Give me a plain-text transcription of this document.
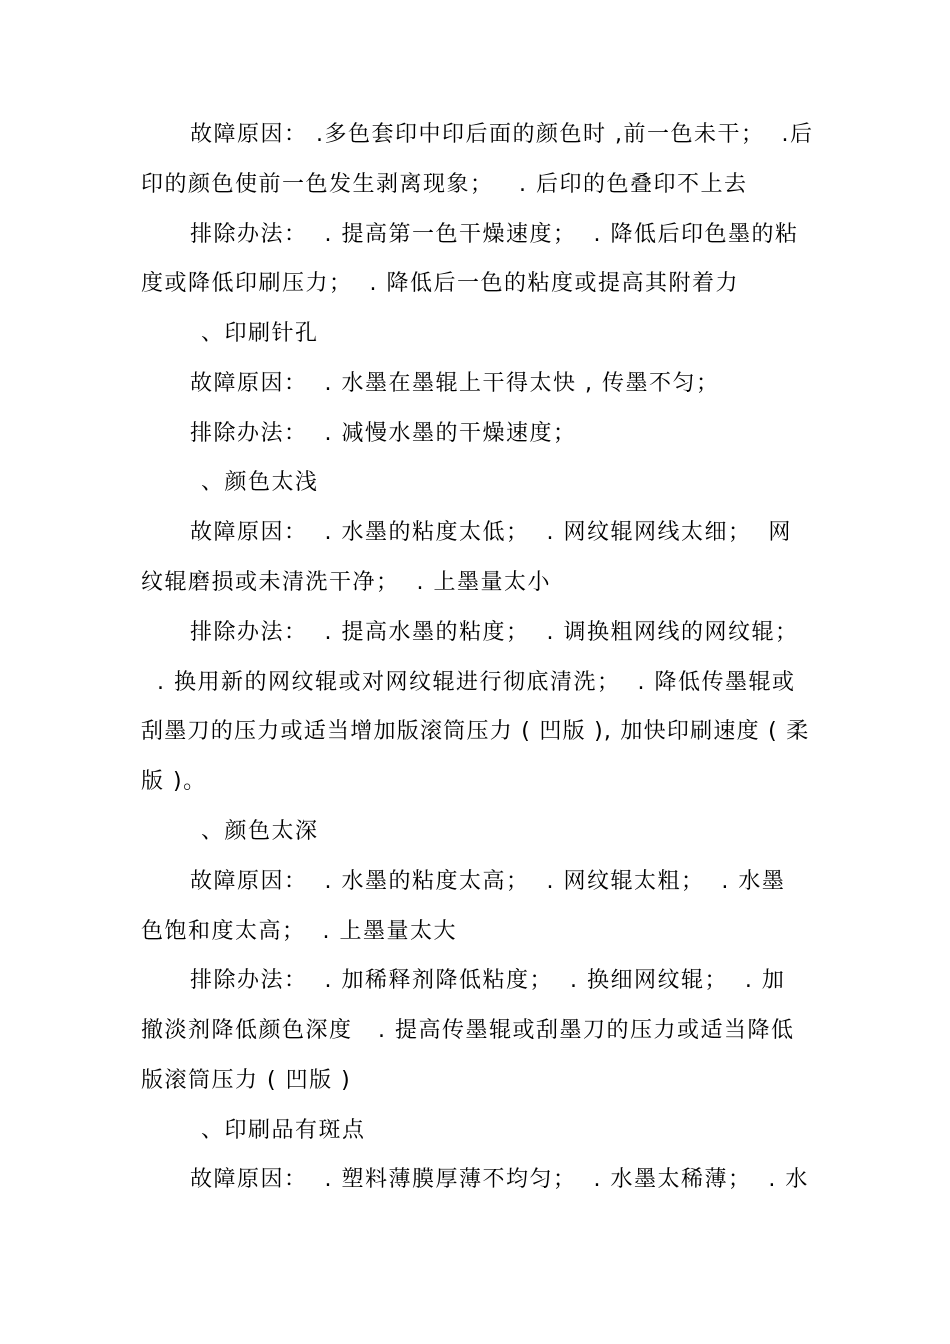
故障原因： .多色套印中印后面的颜色时 ,前一色未干；  .后
印的颜色使前一色发生剥离现象；   . 后印的色叠印不上去
排除办法：  . 提高第一色干燥速度；  . 降低后印色墨的粘
度或降低印刷压力；  . 降低后一色的粘度或提高其附着力
、印刷针孔
故障原因：  . 水墨在墨辊上干得太快 , 传墨不匀；
排除办法：  . 减慢水墨的干燥速度；
、颜色太浅
故障原因：  . 水墨的粘度太低；  . 网纹辊网线太细；  网
纹辊磨损或未清洗干净；  . 上墨量太小
排除办法：  . 提高水墨的粘度；  . 调换粗网线的网纹辊；
. 换用新的网纹辊或对网纹辊进行彻底清洗；  . 降低传墨辊或
刮墨刀的压力或适当增加版滚筒压力 ( 凹版 ), 加快印刷速度 ( 柔
版 )。
、颜色太深
故障原因：  . 水墨的粘度太高；  . 网纹辊太粗；  . 水墨
色饱和度太高；  . 上墨量太大
排除办法：  . 加稀释剂降低粘度；  . 换细网纹辊；  . 加
撤淡剂降低颜色深度   . 提高传墨辊或刮墨刀的压力或适当降低
版滚筒压力 ( 凹版 )
、印刷品有斑点
故障原因：  . 塑料薄膜厚薄不均匀；  . 水墨太稀薄；  . 水
